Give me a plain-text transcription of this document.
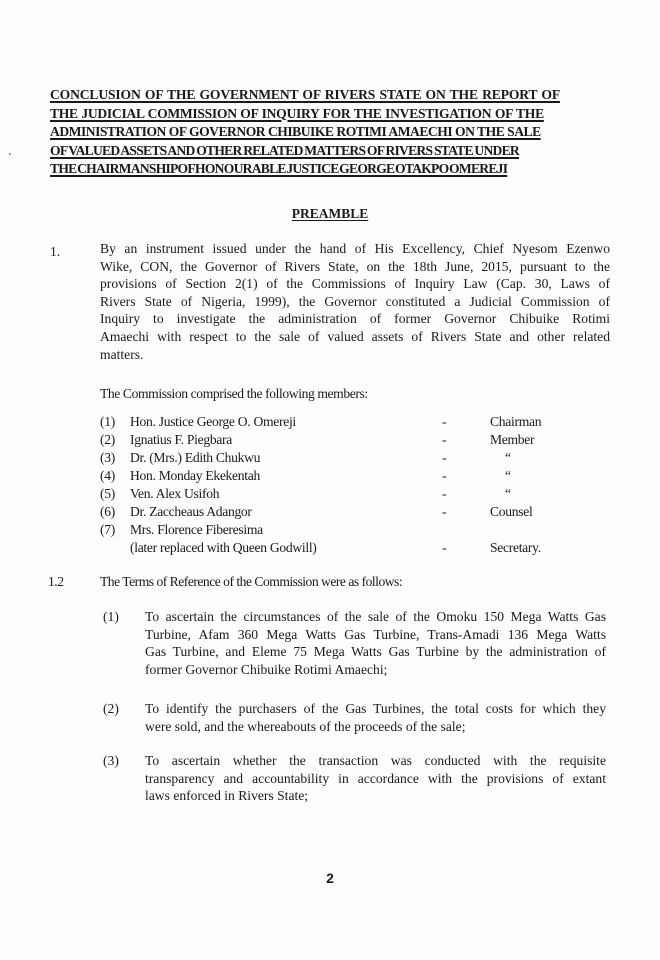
CONCLUSION OF THE GOVERNMENT OF RIVERS STATE ON THE REPORT OF
THE JUDICIAL COMMISSION OF INQUIRY FOR THE INVESTIGATION OF THE
ADMINISTRATION OF GOVERNOR CHIBUIKE ROTIMI AMAECHI ON THE SALE
OF VALUED ASSETS AND OTHER RELATED MATTERS OF RIVERS STATE UNDER
THE CHAIRMANSHIP OF HONOURABLE JUSTICE GEORGE OTAKPO OMEREJI
PREAMBLE
1.	By an instrument issued under the hand of His Excellency, Chief Nyesom Ezenwo
Wike, CON, the Governor of Rivers State, on the 18th June, 2015, pursuant to the
provisions of Section 2(1) of the Commissions of Inquiry Law (Cap. 30, Laws of
Rivers State of Nigeria, 1999), the Governor constituted a Judicial Commission of
Inquiry to investigate the administration of former Governor Chibuike Rotimi
Amaechi with respect to the sale of valued assets of Rivers State and other related
matters.
The Commission comprised the following members:
(1) Hon. Justice George O. Omereji	-	Chairman
(2) Ignatius F. Piegbara	-	Member
(3) Dr. (Mrs.) Edith Chukwu	-	“
(4) Hon. Monday Ekekentah	-	“
(5) Ven. Alex Usifoh	-	“
(6) Dr. Zaccheaus Adangor	-	Counsel
(7) Mrs. Florence Fiberesima
(later replaced with Queen Godwill)	-	Secretary.
1.2	The Terms of Reference of the Commission were as follows:
(1) To ascertain the circumstances of the sale of the Omoku 150 Mega Watts Gas
Turbine, Afam 360 Mega Watts Gas Turbine, Trans-Amadi 136 Mega Watts
Gas Turbine, and Eleme 75 Mega Watts Gas Turbine by the administration of
former Governor Chibuike Rotimi Amaechi;
(2) To identify the purchasers of the Gas Turbines, the total costs for which they
were sold, and the whereabouts of the proceeds of the sale;
(3) To ascertain whether the transaction was conducted with the requisite
transparency and accountability in accordance with the provisions of extant
laws enforced in Rivers State;
2
